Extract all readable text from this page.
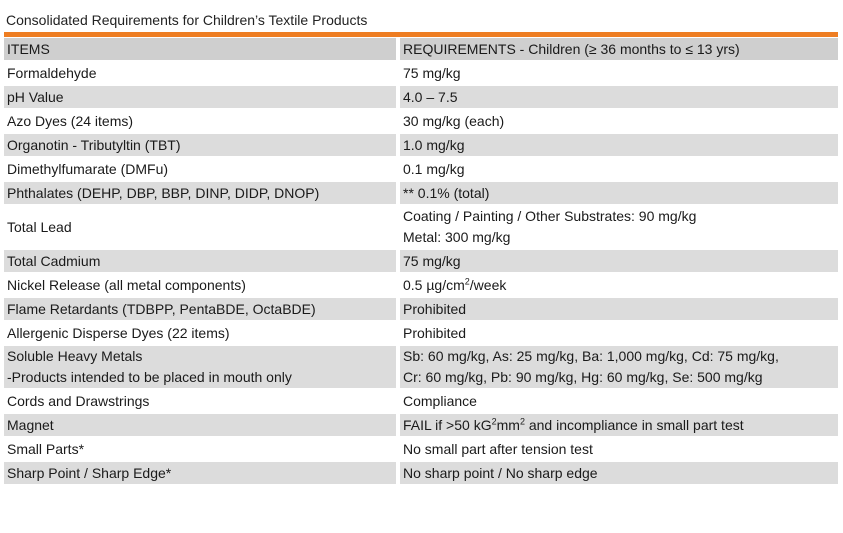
Consolidated Requirements for Children’s Textile Products
ITEMS	REQUIREMENTS - Children (≥ 36 months to ≤ 13 yrs)
Formaldehyde	75 mg/kg
pH Value	4.0 – 7.5
Azo Dyes (24 items)	30 mg/kg (each)
Organotin - Tributyltin (TBT)	1.0 mg/kg
Dimethylfumarate (DMFu)	0.1 mg/kg
Phthalates (DEHP, DBP, BBP, DINP, DIDP, DNOP)	** 0.1% (total)
Total Lead	Coating / Painting / Other Substrates: 90 mg/kg
Metal: 300 mg/kg

Total Cadmium	75 mg/kg
Nickel Release (all metal components)	0.5 $\mu g/cm^2$/week
Flame Retardants (TDBPP, PentaBDE, OctaBDE)	Prohibited
Allergenic Disperse Dyes (22 items)	Prohibited

Soluble Heavy Metals
-Products intended to be placed in mouth only	Sb: 60 mg/kg, As: 25 mg/kg, Ba: 1,000 mg/kg, Cd: 75 mg/kg,
Cr: 60 mg/kg, Pb: 90 mg/kg, Hg: 60 mg/kg, Se: 500 mg/kg

Cords and Drawstrings	Compliance
Magnet	FAIL if >50 $kG^2mm^2$ and incompliance in small part test
Small Parts*	No small part after tension test
Sharp Point / Sharp Edge*	No sharp point / No sharp edge
